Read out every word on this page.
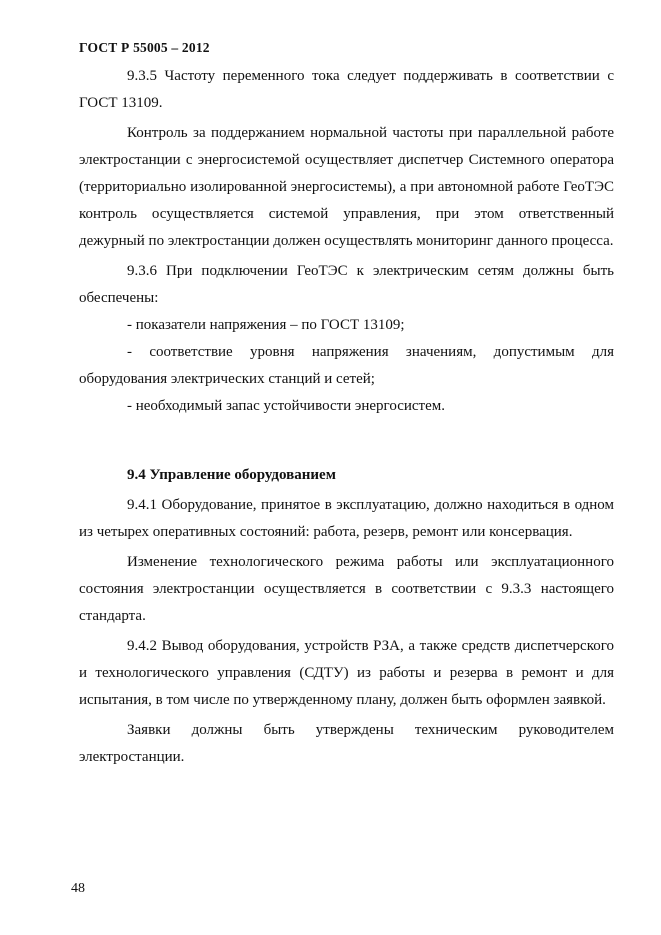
ГОСТ Р 55005 – 2012

9.3.5 Частоту переменного тока следует поддерживать в соответствии с ГОСТ 13109.

Контроль за поддержанием нормальной частоты при параллельной работе электростанции с энергосистемой осуществляет диспетчер Системного оператора (территориально изолированной энергосистемы), а при автономной работе ГеоТЭС контроль осуществляется системой управления, при этом ответственный дежурный по электростанции должен осуществлять мониторинг данного процесса.

9.3.6 При подключении ГеоТЭС к электрическим сетям должны быть обеспечены:

- показатели напряжения – по ГОСТ 13109;

- соответствие уровня напряжения значениям, допустимым для оборудования электрических станций и сетей;

- необходимый запас устойчивости энергосистем.

9.4 Управление оборудованием

9.4.1 Оборудование, принятое в эксплуатацию, должно находиться в одном из четырех оперативных состояний: работа, резерв, ремонт или консервация.

Изменение технологического режима работы или эксплуатационного состояния электростанции осуществляется в соответствии с 9.3.3 настоящего стандарта.

9.4.2 Вывод оборудования, устройств РЗА, а также средств диспетчерского и технологического управления (СДТУ) из работы и резерва в ремонт и для испытания, в том числе по утвержденному плану, должен быть оформлен заявкой.

Заявки должны быть утверждены техническим руководителем электростанции.

48
